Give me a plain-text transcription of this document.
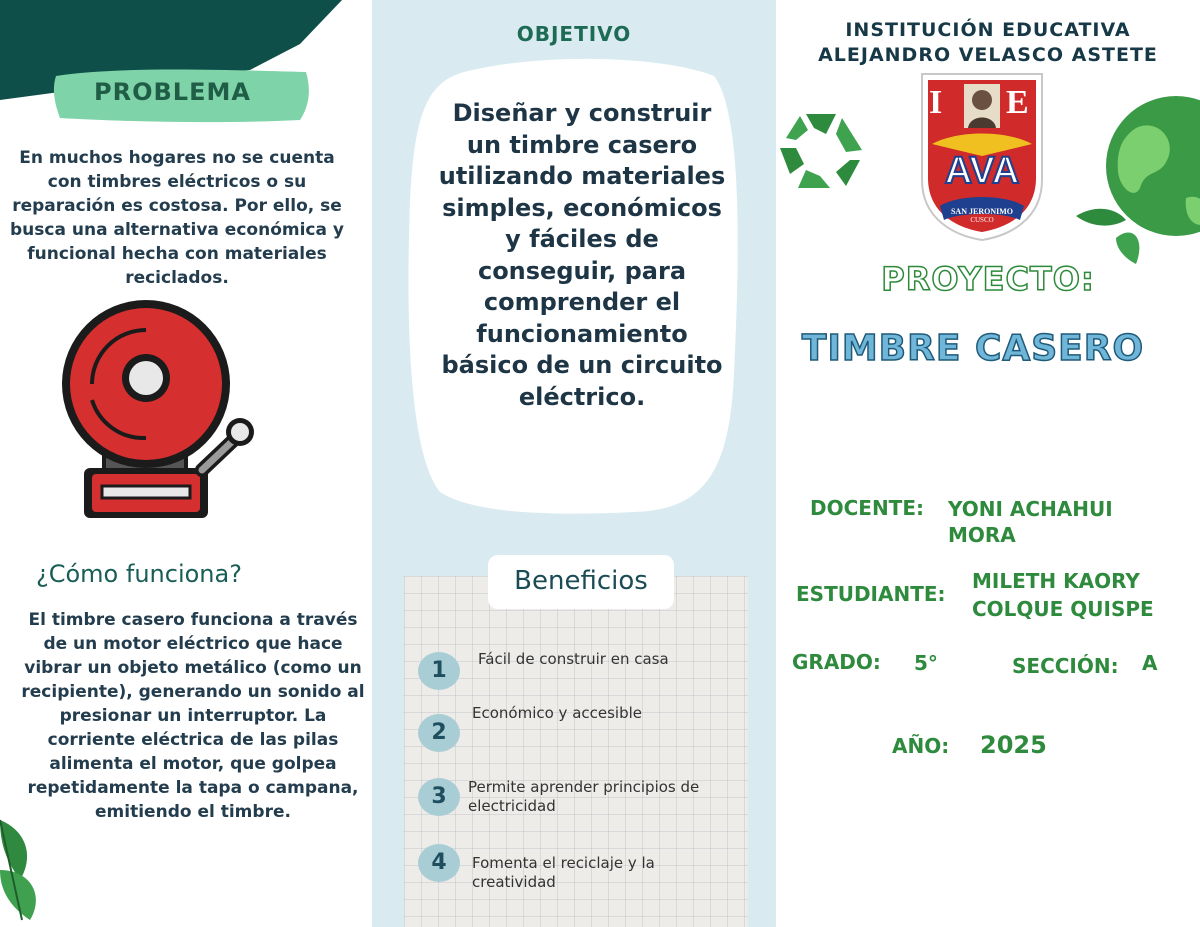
PROBLEMA
En muchos hogares no se cuenta con timbres eléctricos o su reparación es costosa. Por ello, se busca una alternativa económica y funcional hecha con materiales reciclados.
¿Cómo funciona?
El timbre casero funciona a través de un motor eléctrico que hace vibrar un objeto metálico (como un recipiente), generando un sonido al presionar un interruptor. La corriente eléctrica de las pilas alimenta el motor, que golpea repetidamente la tapa o campana, emitiendo el timbre.
OBJETIVO
Diseñar y construir un timbre casero utilizando materiales simples, económicos y fáciles de conseguir, para comprender el funcionamiento básico de un circuito eléctrico.
Beneficios
1	Fácil de construir en casa
2
Económico y accesible
3	Permite aprender principios de electricidad
4	Fomenta el reciclaje y la creatividad
INSTITUCIÓN EDUCATIVA
ALEJANDRO VELASCO ASTETE
I E
AVA
SAN JERONIMO
CUSCO
PROYECTO:
TIMBRE CASERO
DOCENTE: YONI ACHAHUI
MORA
ESTUDIANTE:
MILETH KAORY
COLQUE QUISPE
GRADO: 5°	SECCIÓN: A
AÑO: 2025
